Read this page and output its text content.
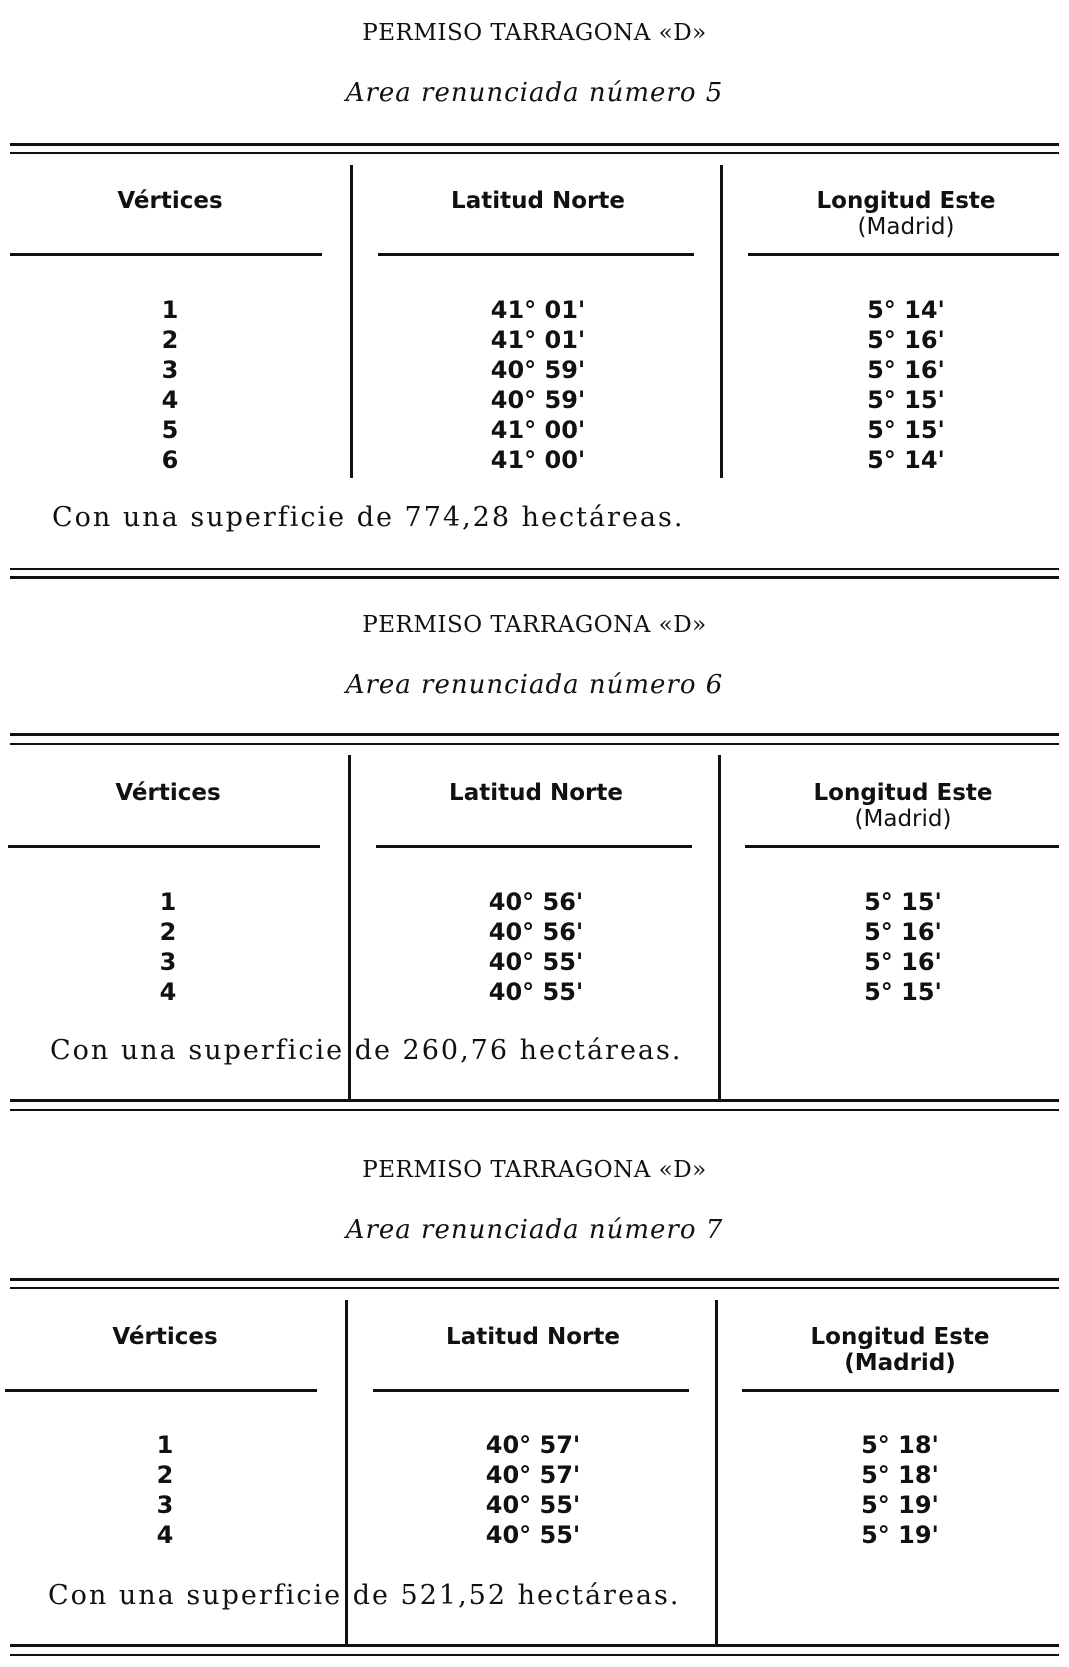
PERMISO TARRAGONA «D»
Area renunciada número 5
Vértices	Latitud Norte	Longitud Este
(Madrid)
1	41° 01'	5° 14'
2	41° 01'	5° 16'
3	40° 59'	5° 16'
4	40° 59'	5° 15'
5	41° 00'	5° 15'
6	41° 00'	5° 14'
Con una superficie de 774,28 hectáreas.
PERMISO TARRAGONA «D»
Area renunciada número 6
Vértices	Latitud Norte	Longitud Este
(Madrid)
1	40° 56'	5° 15'
2	40° 56'	5° 16'
3	40° 55'	5° 16'
4	40° 55'	5° 15'
Con una superficie de 260,76 hectáreas.
PERMISO TARRAGONA «D»
Area renunciada número 7
Vértices	Latitud Norte	Longitud Este
(Madrid)
1	40° 57'	5° 18'
2	40° 57'	5° 18'
3	40° 55'	5° 19'
4	40° 55'	5° 19'
Con una superficie de 521,52 hectáreas.
